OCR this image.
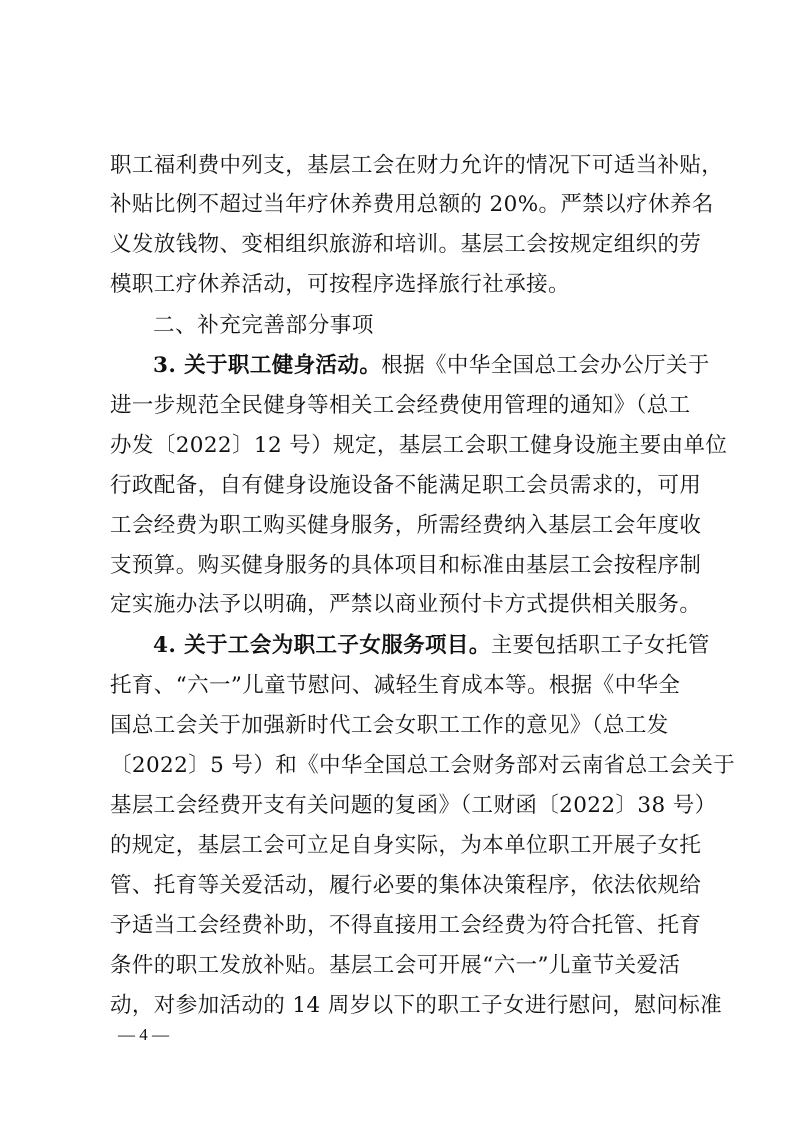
职工福利费中列支，基层工会在财力允许的情况下可适当补贴，
补贴比例不超过当年疗休养费用总额的 20%。严禁以疗休养名
义发放钱物、变相组织旅游和培训。基层工会按规定组织的劳
模职工疗休养活动，可按程序选择旅行社承接。
二、补充完善部分事项
3. 关于职工健身活动。根据《中华全国总工会办公厅关于
进一步规范全民健身等相关工会经费使用管理的通知》（总工
办发〔2022〕12 号）规定，基层工会职工健身设施主要由单位
行政配备，自有健身设施设备不能满足职工会员需求的，可用
工会经费为职工购买健身服务，所需经费纳入基层工会年度收
支预算。购买健身服务的具体项目和标准由基层工会按程序制
定实施办法予以明确，严禁以商业预付卡方式提供相关服务。
4. 关于工会为职工子女服务项目。主要包括职工子女托管
托育、“六一”儿童节慰问、减轻生育成本等。根据《中华全
国总工会关于加强新时代工会女职工工作的意见》（总工发
〔2022〕5 号）和《中华全国总工会财务部对云南省总工会关于
基层工会经费开支有关问题的复函》（工财函〔2022〕38 号）
的规定，基层工会可立足自身实际，为本单位职工开展子女托
管、托育等关爱活动，履行必要的集体决策程序，依法依规给
予适当工会经费补助，不得直接用工会经费为符合托管、托育
条件的职工发放补贴。基层工会可开展“六一”儿童节关爱活
动，对参加活动的 14 周岁以下的职工子女进行慰问，慰问标准
— 4 —
